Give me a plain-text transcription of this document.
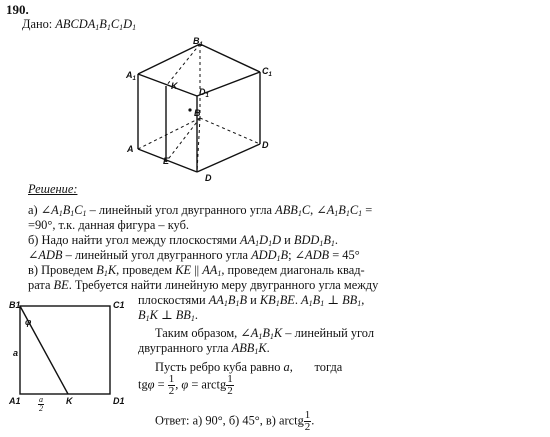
190.
Дано: $ABCDA_1B_1C_1D_1$
$B_1$
$A_1$
$C_1$
$D_1$
K
B
A	D
E
D
Решение:
а) $\angle A_1B_1C_1$ – линейный угол двугранного угла $ABB_1C$, $\angle A_1B_1C_1$ =
=90°, т.к. данная фигура – куб.
б) Надо найти угол между плоскостями $AA_1D_1D$ и $BDD_1B_1$.
∠ADB – линейный угол двугранного угла $ADD_1B$; ∠ADB = 45°
в) Проведем $B_1K$, проведем KE || $AA_1$, проведем диагональ квад-
рата BE. Требуется найти линейную меру двугранного угла между
B1	C1
A1	D1
K
φ
a
$\frac{a}{2}$
плоскостями $AA_1B_1B$ и $KB_1BE$. $A_1B_1$ ⊥ $BB_1$,
$B_1K$ ⊥ $BB_1$.
Таким образом, $\angle A_1B_1K$ – линейный угол
двугранного угла $ABB_1K$.
Пусть ребро куба равно a,       тогда
$tg\varphi = \frac{1}{2}$ , φ = arctg $\frac{1}{2}$
Ответ: а) 90°, б) 45°, в) arctg $\frac{1}{2}$ .
